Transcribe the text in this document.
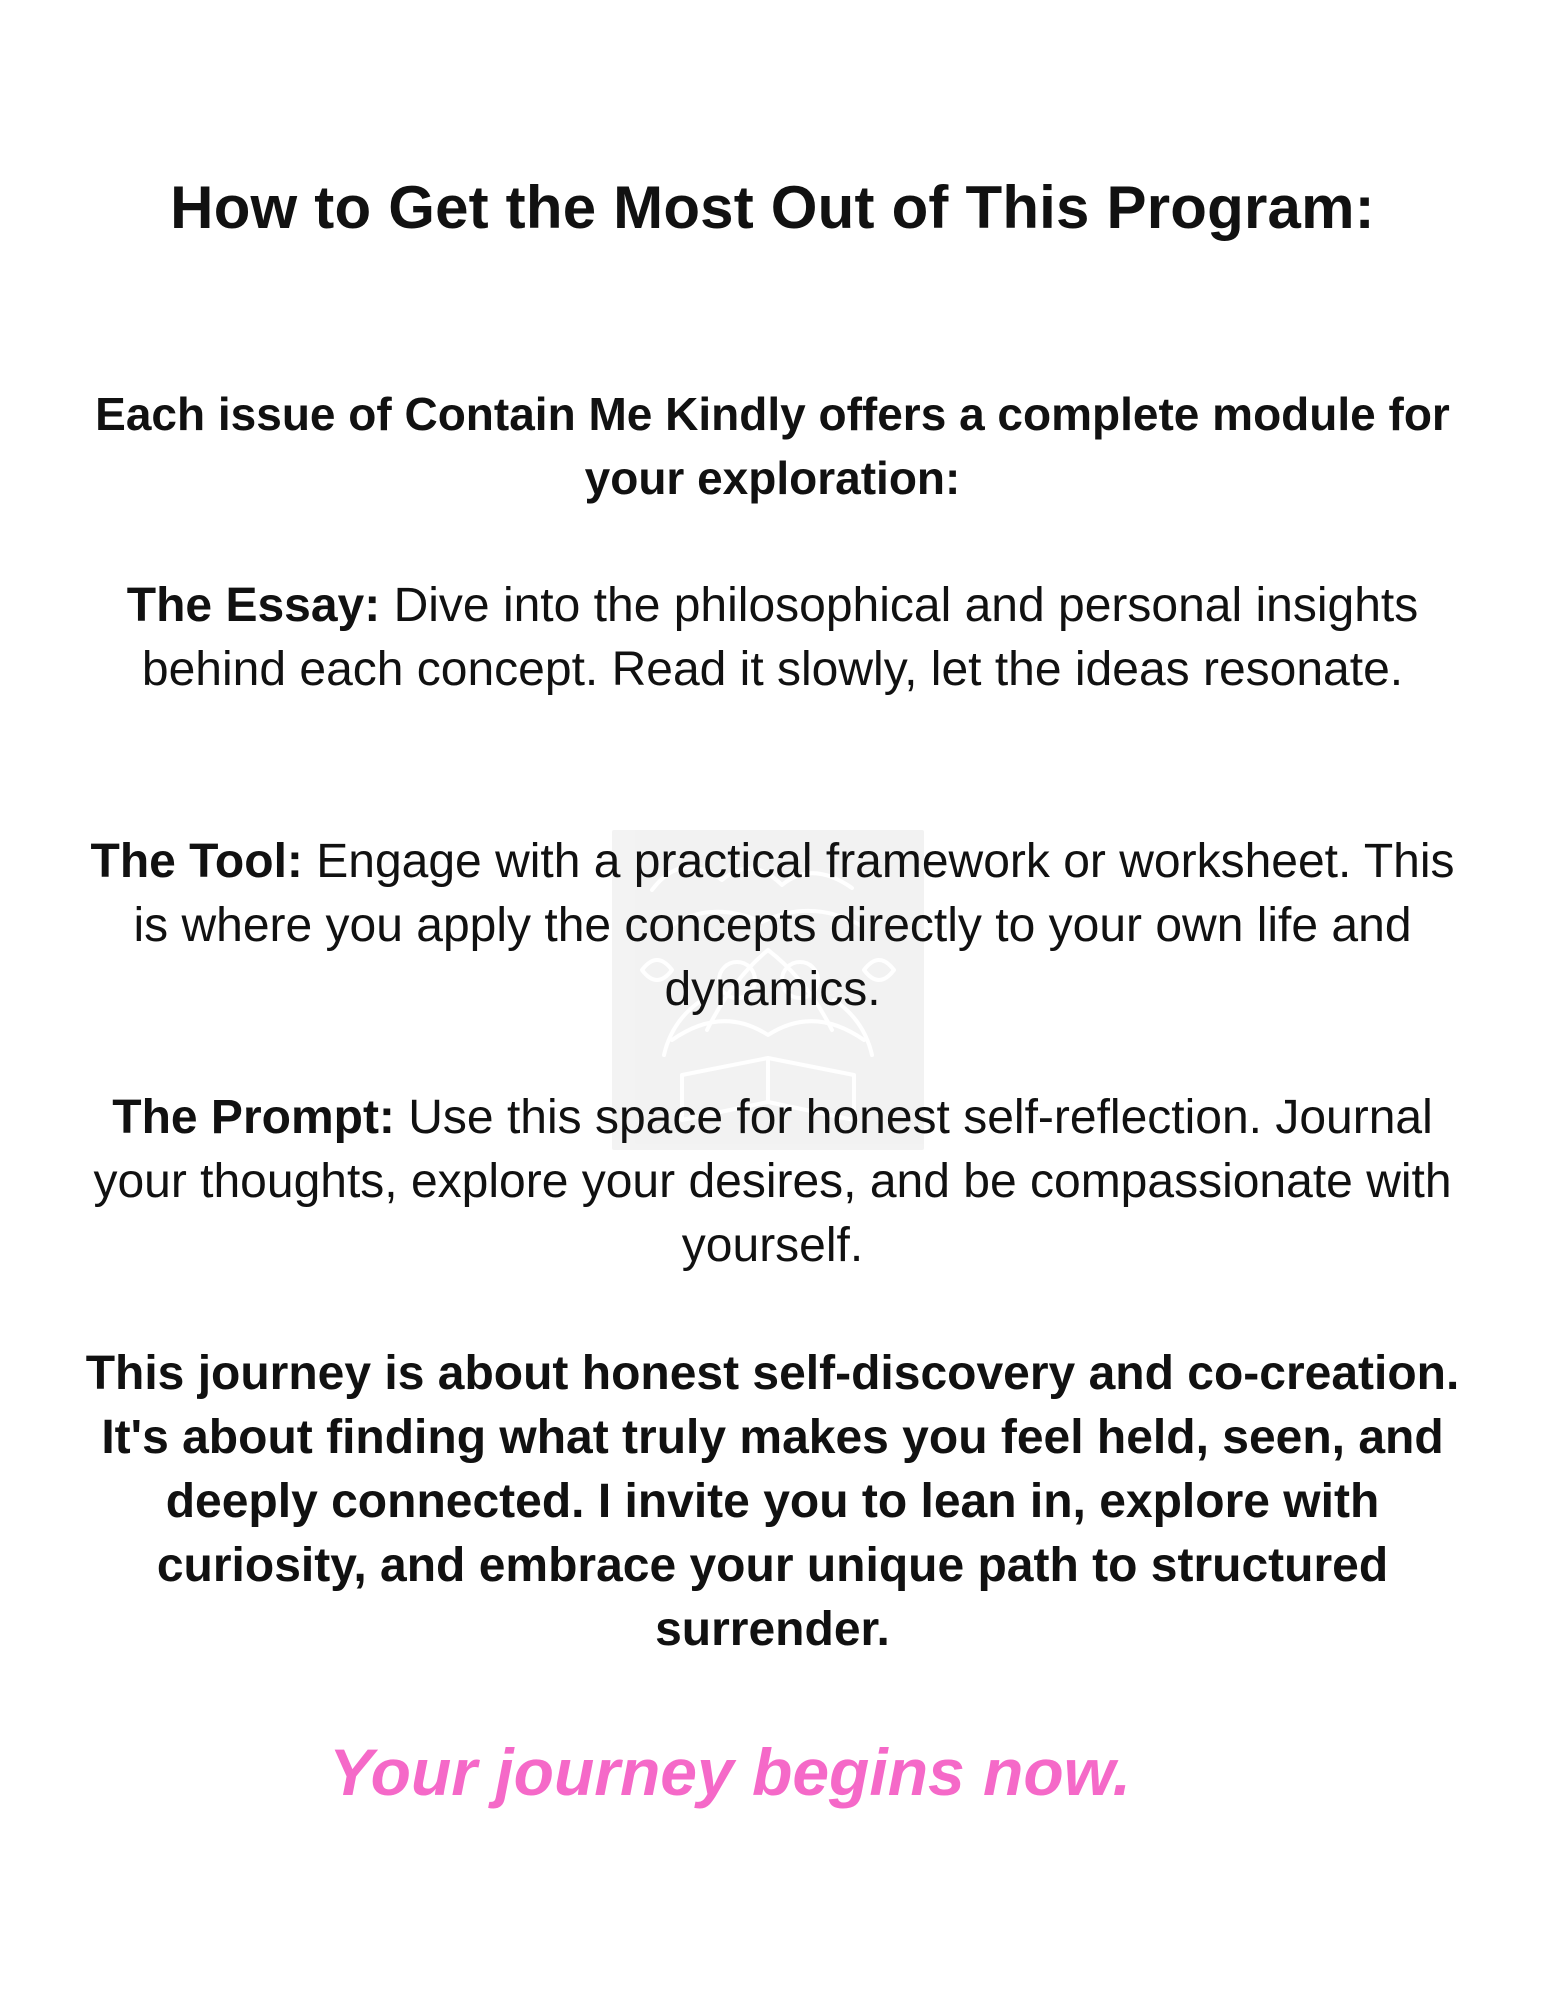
How to Get the Most Out of This Program:
Each issue of Contain Me Kindly offers a complete module for your exploration:
The Essay: Dive into the philosophical and personal insights behind each concept. Read it slowly, let the ideas resonate.
The Tool: Engage with a practical framework or worksheet. This is where you apply the concepts directly to your own life and dynamics.
The Prompt: Use this space for honest self-reflection. Journal your thoughts, explore your desires, and be compassionate with yourself.
This journey is about honest self-discovery and co-creation. It's about finding what truly makes you feel held, seen, and deeply connected. I invite you to lean in, explore with curiosity, and embrace your unique path to structured surrender.
Your journey begins now.
